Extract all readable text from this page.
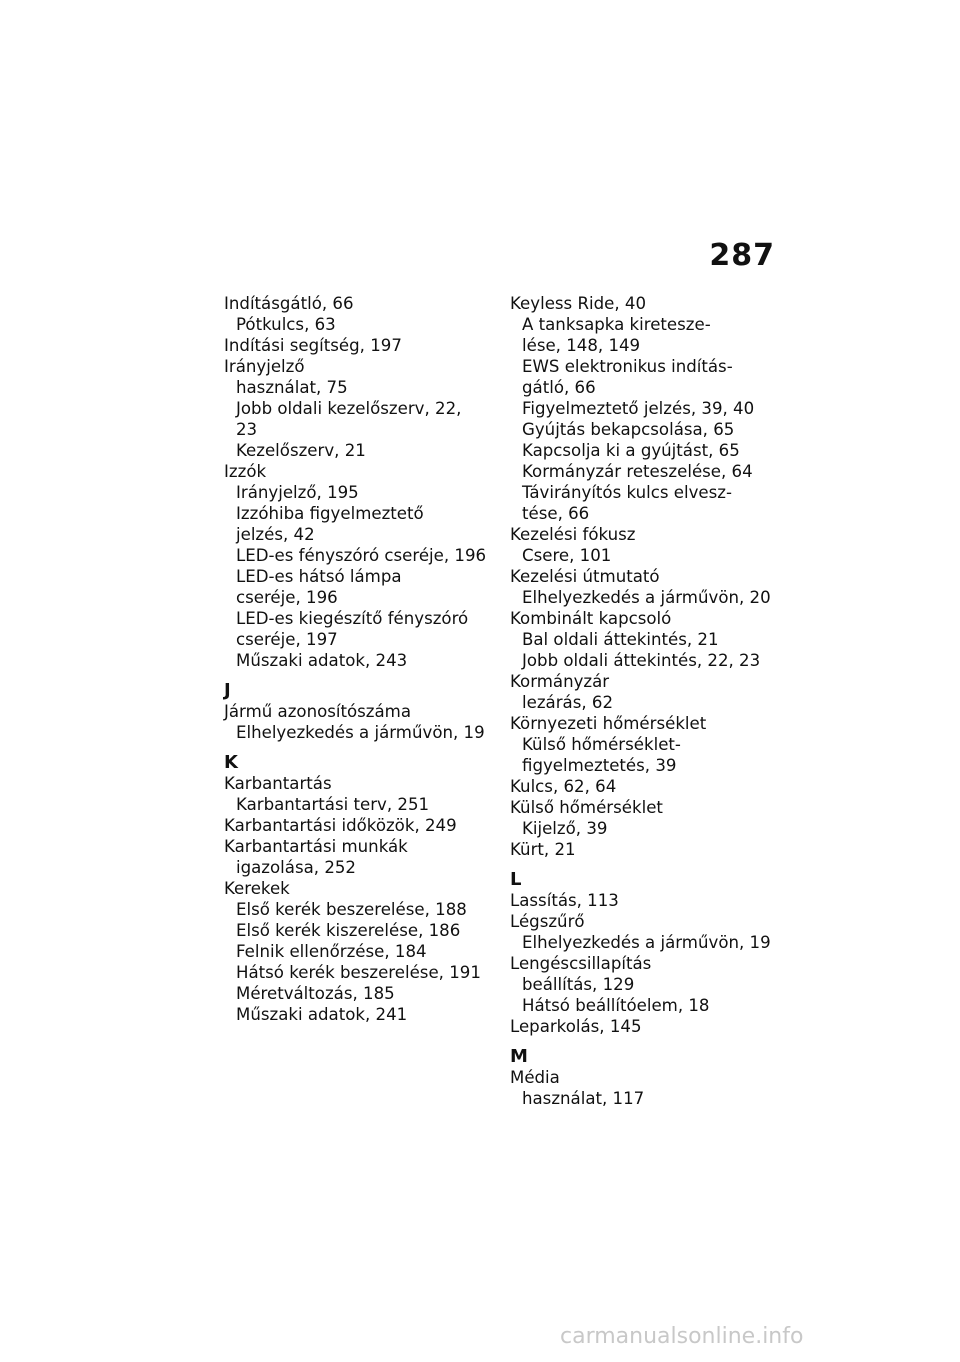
287
Indításgátló, 66
Pótkulcs, 63
Indítási segítség, 197
Irányjelző
használat, 75
Jobb oldali kezelőszerv, 22,
23
Kezelőszerv, 21
Izzók
Irányjelző, 195
Izzóhiba figyelmeztető
jelzés, 42
LED-es fényszóró cseréje, 196
LED-es hátsó lámpa
cseréje, 196
LED-es kiegészítő fényszóró
cseréje, 197
Műszaki adatok, 243
J
Jármű azonosítószáma
Elhelyezkedés a járművön, 19
K
Karbantartás
Karbantartási terv, 251
Karbantartási időközök, 249
Karbantartási munkák
igazolása, 252
Kerekek
Első kerék beszerelése, 188
Első kerék kiszerelése, 186
Felnik ellenőrzése, 184
Hátsó kerék beszerelése, 191
Méretváltozás, 185
Műszaki adatok, 241
Keyless Ride, 40
A tanksapka kiretesze-
lése, 148, 149
EWS elektronikus indítás-
gátló, 66
Figyelmeztető jelzés, 39, 40
Gyújtás bekapcsolása, 65
Kapcsolja ki a gyújtást, 65
Kormányzár reteszelése, 64
Távirányítós kulcs elvesz-
tése, 66
Kezelési fókusz
Csere, 101
Kezelési útmutató
Elhelyezkedés a járművön, 20
Kombinált kapcsoló
Bal oldali áttekintés, 21
Jobb oldali áttekintés, 22, 23
Kormányzár
lezárás, 62
Környezeti hőmérséklet
Külső hőmérséklet-
figyelmeztetés, 39
Kulcs, 62, 64
Külső hőmérséklet
Kijelző, 39
Kürt, 21
L
Lassítás, 113
Légszűrő
Elhelyezkedés a járművön, 19
Lengéscsillapítás
beállítás, 129
Hátsó beállítóelem, 18
Leparkolás, 145
M
Média
használat, 117
carmanualsonline.info
